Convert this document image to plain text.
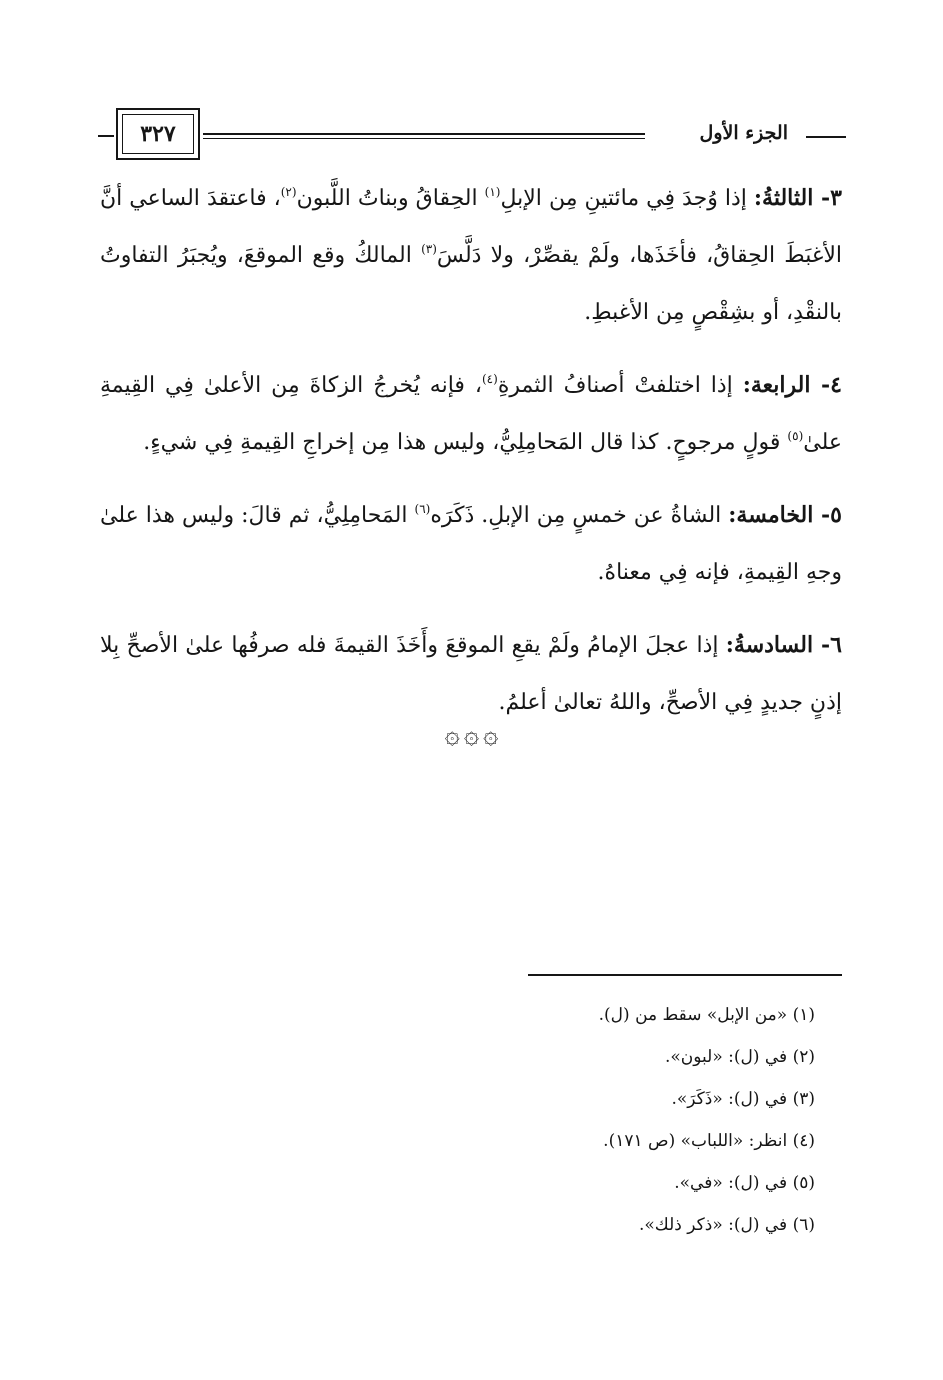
الجزء الأول
٣٢٧

٣- الثالثةُ: إذا وُجدَ فِي مائتينِ مِن الإبلِ$^{(١)}$ الحِقاقُ وبناتُ اللَّبون$^{(٢)}$، فاعتقدَ الساعي أنَّ الأغبَطَ الحِقاقُ، فأخَذَها، ولَمْ يقصِّرْ، ولا دَلَّسَ$^{(٣)}$ المالكُ وقع الموقعَ، ويُجبَرُ التفاوتُ بالنقْدِ، أو بشِقْصٍ مِن الأغبطِ.

٤- الرابعة: إذا اختلفتْ أصنافُ الثمرةِ$^{(٤)}$، فإنه يُخرجُ الزكاةَ مِن الأعلىٰ فِي القِيمةِ علىٰ$^{(٥)}$ قولٍ مرجوحٍ. كذا قال المَحامِلِيُّ، وليس هذا مِن إخراجِ القِيمةِ فِي شيءٍ.

٥- الخامسة: الشاةُ عن خمسٍ مِن الإبلِ. ذَكَرَه$^{(٦)}$ المَحامِلِيُّ، ثم قالَ: وليس هذا علىٰ وجهِ القِيمةِ، فإنه فِي معناهُ.

٦- السادسةُ: إذا عجلَ الإمامُ ولَمْ يقعِ الموقعَ وأَخَذَ القيمةَ فله صرفُها علىٰ الأصحِّ بِلا إذنٍ جديدٍ فِي الأصحِّ، واللهُ تعالىٰ أعلمُ.

۞ ۞ ۞
(١) «من الإبل» سقط من (ل).
(٢) في (ل): «لبون».
(٣) في (ل): «ذَكَرَ».
(٤) انظر: «اللباب» (ص ١٧١).
(٥) في (ل): «في».
(٦) في (ل): «ذكر ذلك».
